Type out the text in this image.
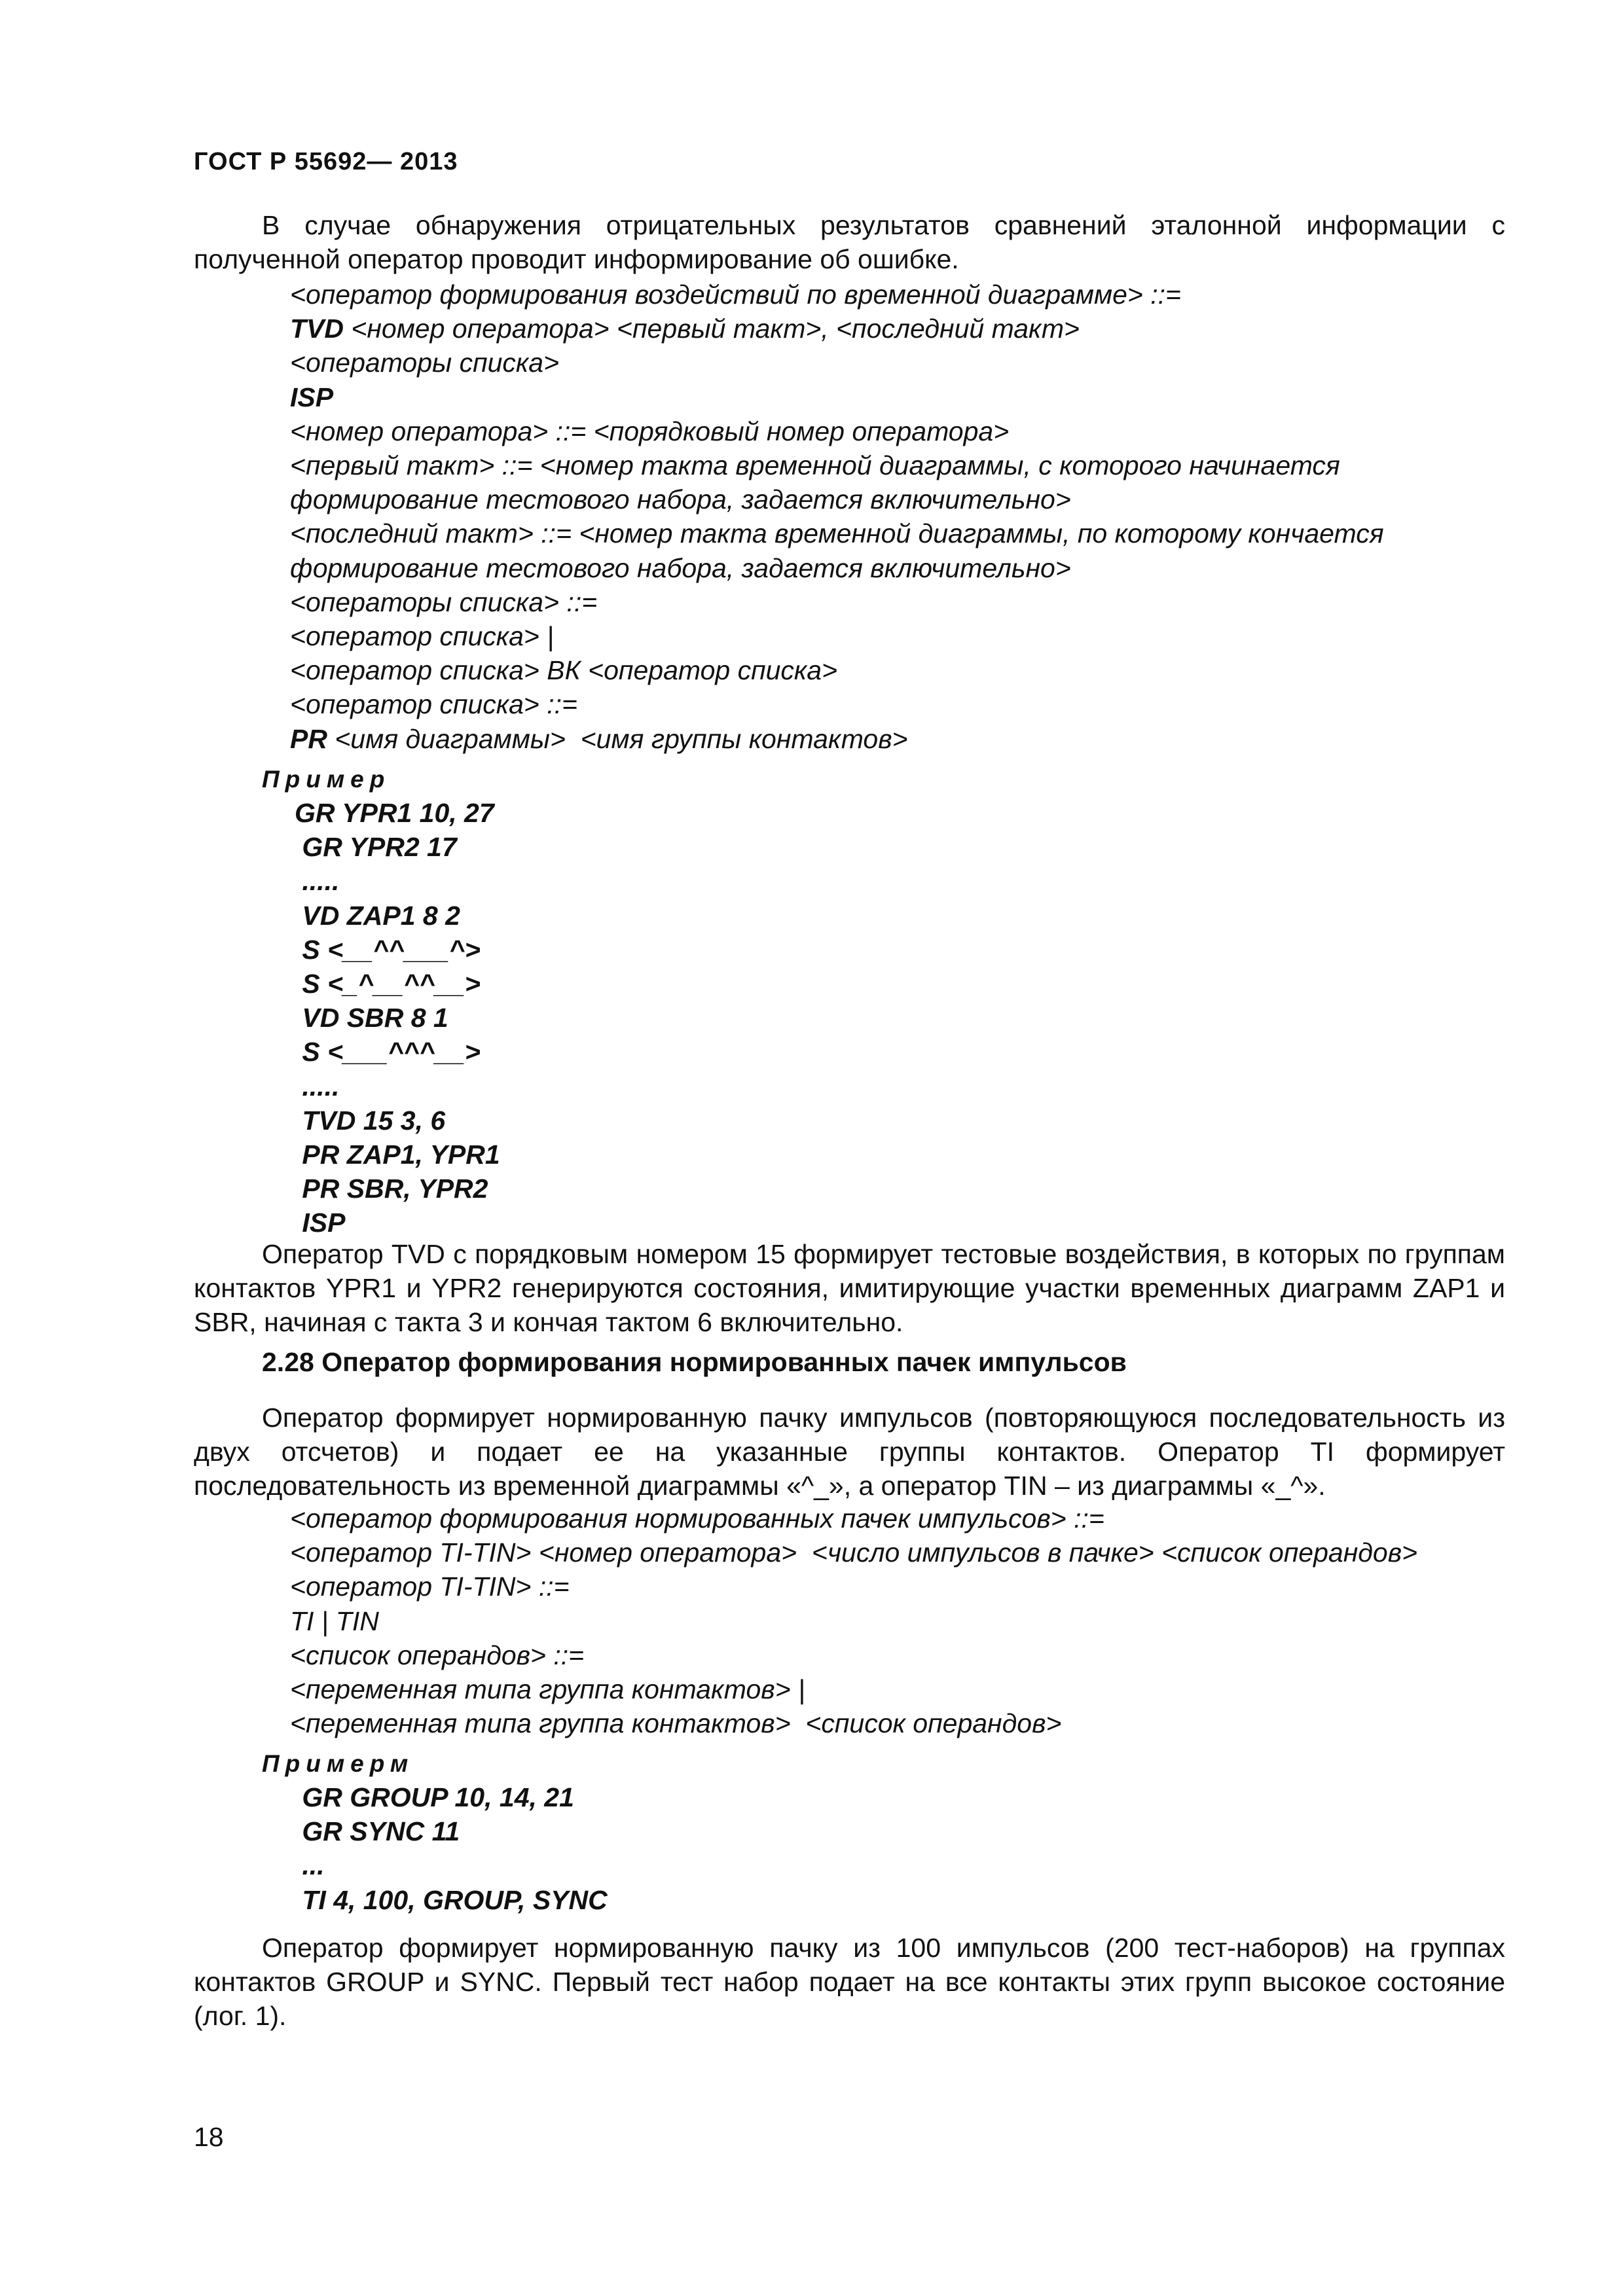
ГОСТ Р 55692— 2013
В случае обнаружения отрицательных результатов сравнений эталонной информации с полученной оператор проводит информирование об ошибке.
<оператор формирования воздействий по временной диаграмме> ::=
TVD <номер оператора> <первый такт>, <последний такт>
<операторы списка>
ISP
<номер оператора> ::= <порядковый номер оператора>
<первый такт> ::= <номер такта временной диаграммы, с которого начинается
формирование тестового набора, задается включительно>
<последний такт> ::= <номер такта временной диаграммы, по которому кончается
формирование тестового набора, задается включительно>
<операторы списка> ::=
<оператор списка> |
<оператор списка> ВК <оператор списка>
<оператор списка> ::=
PR <имя диаграммы>  <имя группы контактов>
Пример
GR YPR1 10, 27
GR YPR2 17
.....
VD ZAP1 8 2
S <__^^___^>
S <_^__^^__>
VD SBR 8 1
S <___^^^__>
.....
TVD 15 3, 6
PR ZAP1, YPR1
PR SBR, YPR2
ISP
Оператор TVD с порядковым номером 15 формирует тестовые воздействия, в которых по группам контактов YPR1 и YPR2 генерируются состояния, имитирующие участки временных диаграмм ZAP1 и SBR, начиная с такта 3 и кончая тактом 6 включительно.
2.28 Оператор формирования нормированных пачек импульсов
Оператор формирует нормированную пачку импульсов (повторяющуюся последовательность из двух отсчетов) и подает ее на указанные группы контактов. Оператор TI формирует последовательность из временной диаграммы «^_», а оператор TIN – из диаграммы «_^».
<оператор формирования нормированных пачек импульсов> ::=
<оператор TI-TIN> <номер оператора>  <число импульсов в пачке> <список операндов>
<оператор TI-TIN> ::=
TI | TIN
<список операндов> ::=
<переменная типа группа контактов> |
<переменная типа группа контактов>  <список операндов>
Примерм
GR GROUP 10, 14, 21
GR SYNC 11
...
TI 4, 100, GROUP, SYNC
Оператор формирует нормированную пачку из 100 импульсов (200 тест-наборов) на группах контактов GROUP и SYNC. Первый тест набор подает на все контакты этих групп высокое состояние (лог. 1).
18
